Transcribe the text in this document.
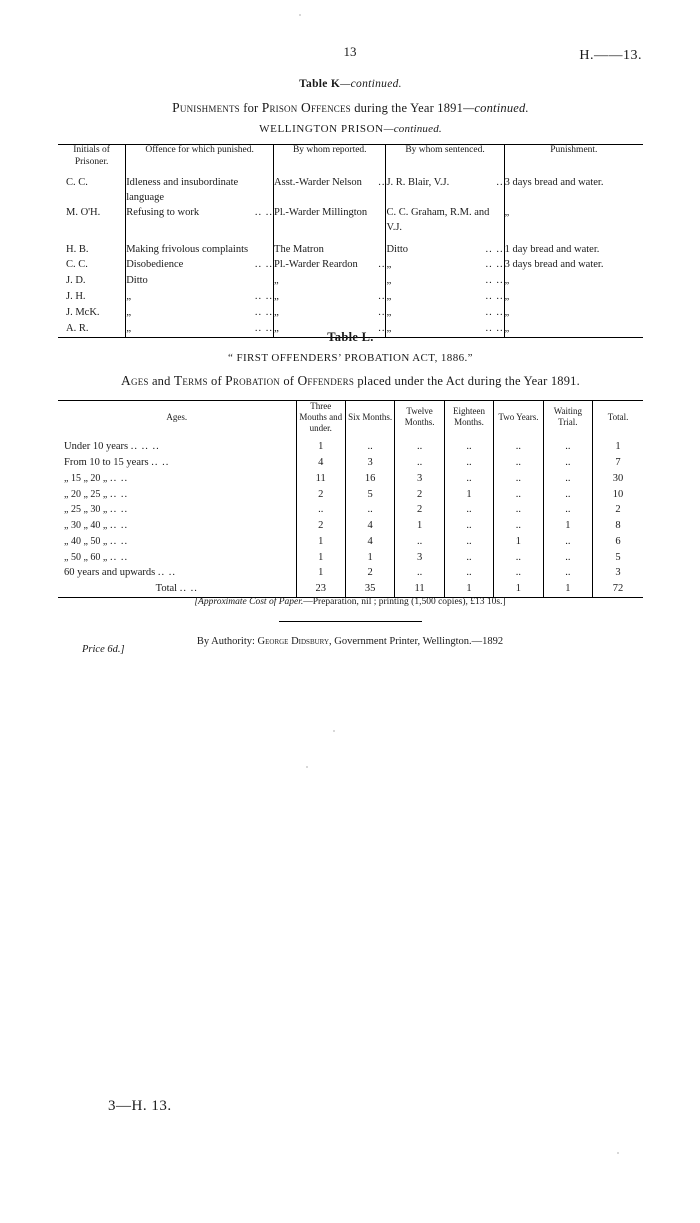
13	H.——13.
Table K—continued.
Punishments for Prison Offences during the Year 1891—continued.
WELLINGTON PRISON—continued.
Initials of Prisoner.	Offence for which punished.	By whom reported.	By whom sentenced.	Punishment.
C. C.	Idleness and insubordinate language	Asst.-Warder Nelson ..	J. R. Blair, V.J. ..	3 days bread and water.
M. O'H.	Refusing to work .. ..	Pl.-Warder Millington	C. C. Graham, R.M. and V.J.	„
H. B.	Making frivolous complaints	The Matron	Ditto .. ..	1 day bread and water.
C. C.	Disobedience .. ..	Pl.-Warder Reardon ..	„ .. ..	3 days bread and water.
J. D.	Ditto	„	„ .. ..	„
J. H.	„ .. ..	„ ..	„ .. ..	„
J. McK.	„ .. ..	„ ..	„ .. ..	„
A. R.	„ .. ..	„ ..	„ .. ..	„
Table L.
“ FIRST OFFENDERS’ PROBATION ACT, 1886.”
Ages and Terms of Probation of Offenders placed under the Act during the Year 1891.
Ages.	Three Mouths and under.	Six Months.	Twelve Months.	Eighteen Months.	Two Years.	Waiting Trial.	Total.
Under 10 years .. .. ..	1	..	..	..	..	..	1
From 10 to 15 years .. ..	4	3	..	..	..	..	7
„ 15 „ 20 „ .. ..	11	16	3	..	..	..	30
„ 20 „ 25 „ .. ..	2	5	2	1	..	..	10
„ 25 „ 30 „ .. ..	..	..	2	..	..	..	2
„ 30 „ 40 „ .. ..	2	4	1	..	..	1	8
„ 40 „ 50 „ .. ..	1	4	..	..	1	..	6
„ 50 „ 60 „ .. ..	1	1	3	..	..	..	5
60 years and upwards .. ..	1	2	..	..	..	..	3
Total .. ..	23	35	11	1	1	1	72
[Approximate Cost of Paper.—Preparation, nil ; printing (1,500 copies), £13 10s.]
By Authority: George Didsbury, Government Printer, Wellington.—1892
Price 6d.]
3—H. 13.
